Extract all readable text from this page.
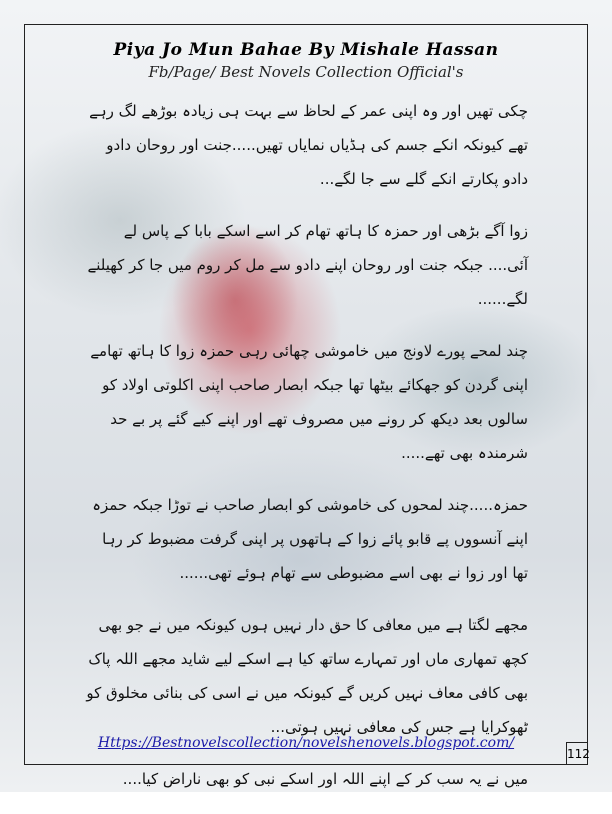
Piya Jo Mun Bahae By Mishale Hassan
Fb/Page/ Best Novels Collection Official's

چکی تھیں اور وہ اپنی عمر کے لحاظ سے بہت ہی زیادہ بوڑھے لگ رہے تھے کیونکہ انکے جسم کی ہڈیاں نمایاں تھیں.....جنت اور روحان دادو دادو پکارتے انکے گلے سے جا لگے...

زوا آگے بڑھی اور حمزہ کا ہاتھ تھام کر اسے اسکے بابا کے پاس لے آئی.... جبکہ جنت اور روحان اپنے دادو سے مل کر روم میں جا کر کھیلنے لگے......

چند لمحے پورے لاونج میں خاموشی چھائی رہی حمزہ زوا کا ہاتھ تھامے اپنی گردن کو جھکائے بیٹھا تھا جبکہ ابصار صاحب اپنی اکلوتی اولاد کو سالوں بعد دیکھ کر رونے میں مصروف تھے اور اپنے کیے گئے پر بے حد شرمندہ بھی تھے.....

حمزہ.....چند لمحوں کی خاموشی کو ابصار صاحب نے توڑا جبکہ حمزہ اپنے آنسووں پے قابو پائے زوا کے ہاتھوں پر اپنی گرفت مضبوط کر رہا تھا اور زوا نے بھی اسے مضبوطی سے تھام ہوئے تھی......

مجھے لگتا ہے میں معافی کا حق دار نہیں ہوں کیونکہ میں نے جو بھی کچھ تمھاری ماں اور تمہارے ساتھ کیا ہے اسکے لیے شاید مجھے اللہ پاک بھی کافی معاف نہیں کریں گے کیونکہ میں نے اسی کی بنائی مخلوق کو ٹھوکرایا ہے جس کی معافی نہیں ہوتی...

میں نے یہ سب کر کے اپنے اللہ اور اسکے نبی کو بھی ناراض کیا....

Https://Bestnovelscollection/novelshenovels.blogspot.com/
112
